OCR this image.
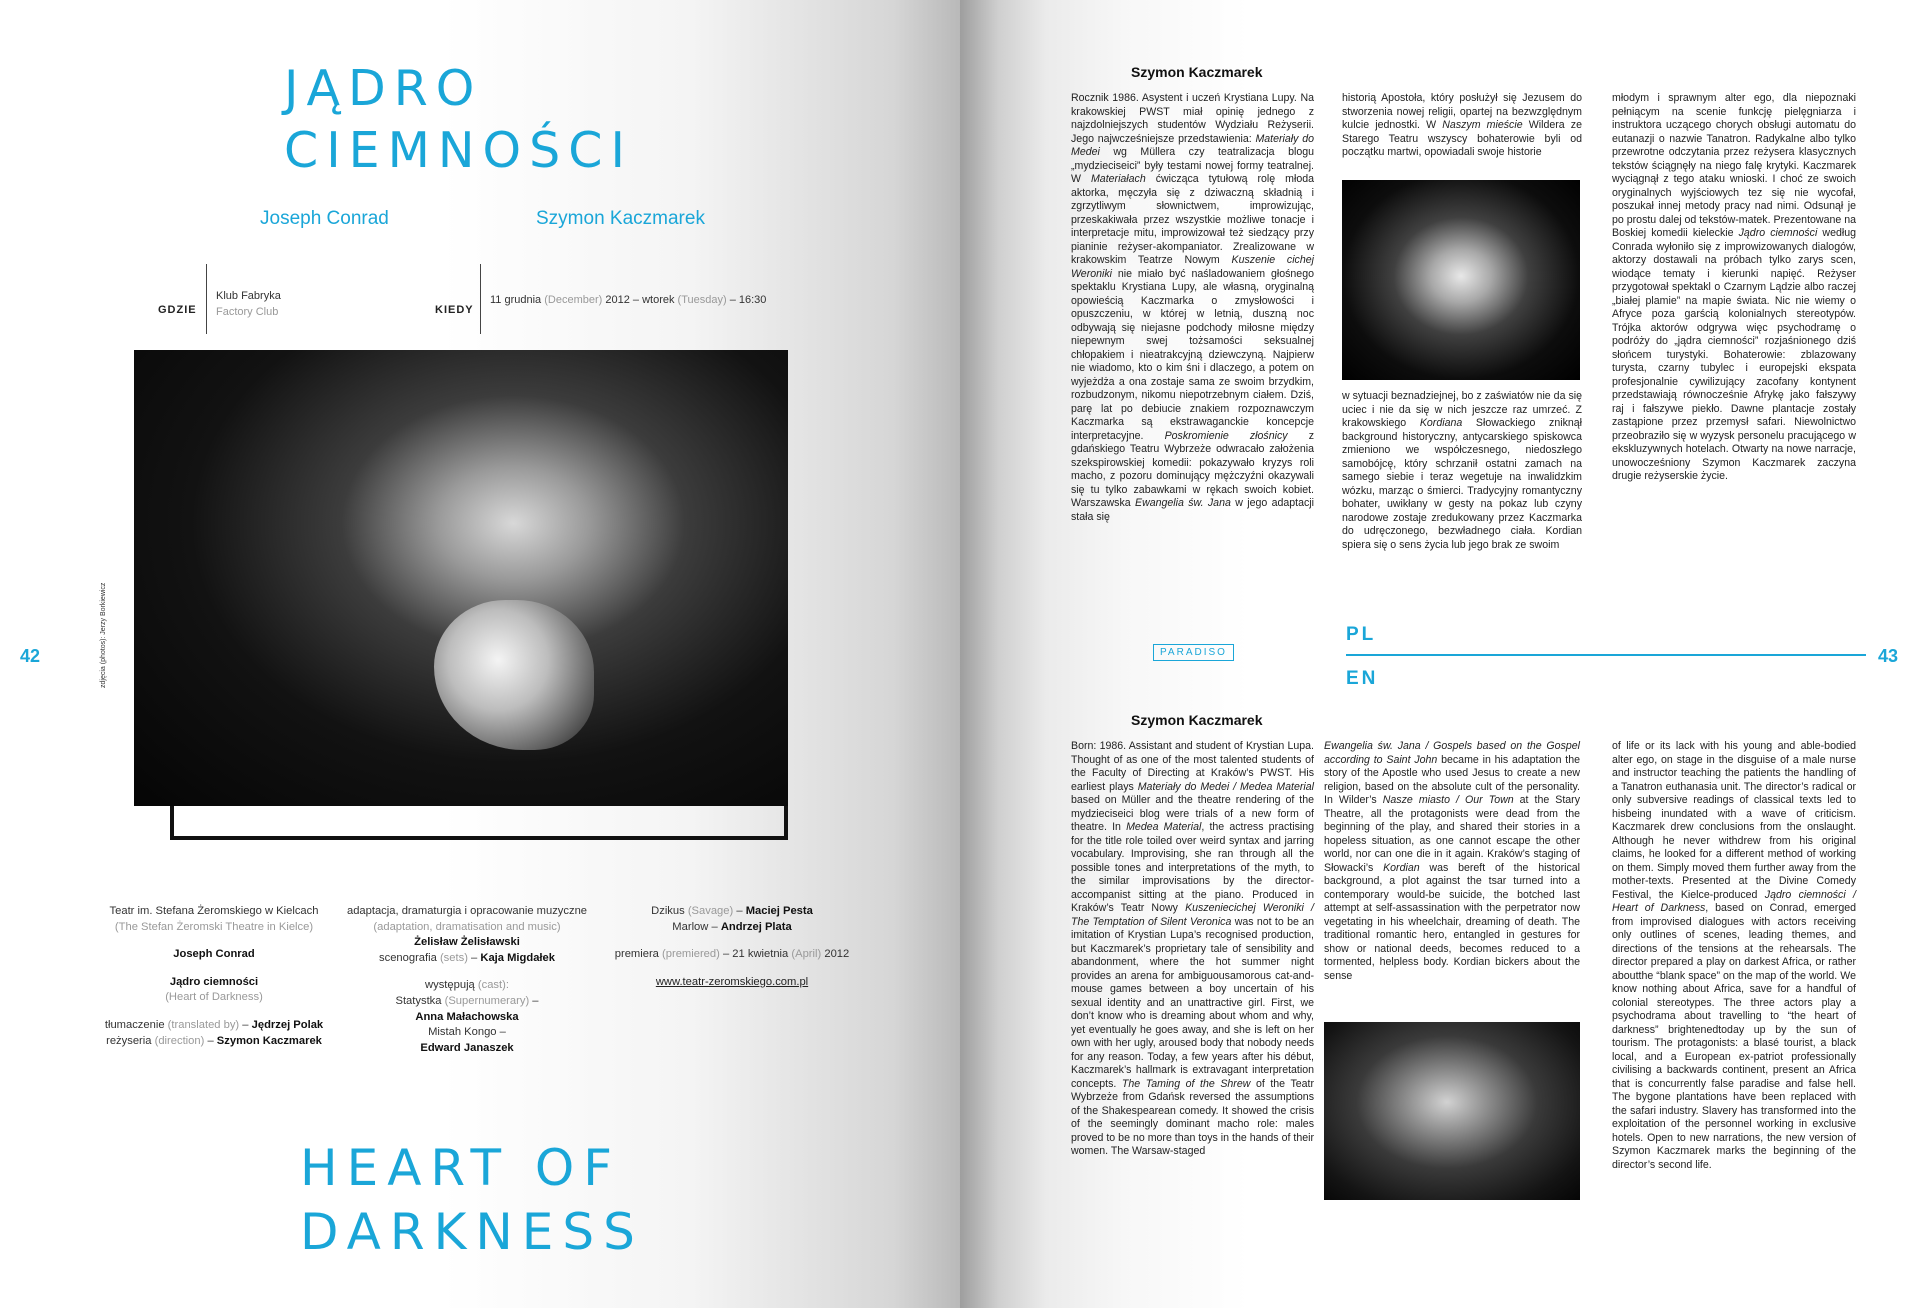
JĄDRO
CIEMNOŚCI
Joseph Conrad	Szymon Kaczmarek
GDZIE
Klub Fabryka
Factory Club	KIEDY
11 grudnia (December) 2012 – wtorek (Tuesday) – 16:30
zdjęcia (photos): Jerzy Borkiewicz
42
Teatr im. Stefana Żeromskiego w Kielcach
(The Stefan Żeromski Theatre in Kielce)
Joseph Conrad
Jądro ciemności
(Heart of Darkness)
tłumaczenie (translated by) – Jędrzej Polak
reżyseria (direction) – Szymon Kaczmarek
adaptacja, dramaturgia i opracowanie muzyczne
(adaptation, dramatisation and music)
Żelisław Żelisławski
scenografia (sets) – Kaja Migdałek
występują (cast):
Statystka (Supernumerary) –
Anna Małachowska
Mistah Kongo –
Edward Janaszek
Dzikus (Savage) – Maciej Pesta
Marlow – Andrzej Plata
premiera (premiered) – 21 kwietnia (April) 2012
www.teatr-zeromskiego.com.pl
HEART OF
DARKNESS
Szymon Kaczmarek

Rocznik 1986. Asystent i uczeń Krystiana Lupy. Na krakowskiej PWST miał opinię jednego z najzdolniejszych studentów Wydziału Reżyserii. Jego najwcześniejsze przedstawienia: Materiały do Medei wg Müllera czy teatralizacja blogu „mydzieciseici” były testami nowej formy teatralnej. W Materiałach ćwicząca tytułową rolę młoda aktorka, męczyła się z dziwaczną składnią i zgrzytliwym słownictwem, improwizując, przeskakiwała przez wszystkie możliwe tonacje i interpretacje mitu, improwizował też siedzący przy pianinie reżyser-akompaniator. Zrealizowane w krakowskim Teatrze Nowym Kuszenie cichej Weroniki nie miało być naśladowaniem głośnego spektaklu Krystiana Lupy, ale własną, oryginalną opowieścią Kaczmarka o zmysłowości i opuszczeniu, w której w letnią, duszną noc odbywają się niejasne podchody miłosne między niepewnym swej tożsamości seksualnej chłopakiem i nieatrakcyjną dziewczyną. Najpierw nie wiadomo, kto o kim śni i dlaczego, a potem on wyjeżdża a ona zostaje sama ze swoim brzydkim, rozbudzonym, nikomu niepotrzebnym ciałem. Dziś, parę lat po debiucie znakiem rozpoznawczym Kaczmarka są ekstrawaganckie koncepcje interpretacyjne. Poskromienie złośnicy z gdańskiego Teatru Wybrzeże odwracało założenia szekspirowskiej komedii: pokazywało kryzys roli macho, z pozoru dominujący mężczyźni okazywali się tu tylko zabawkami w rękach swoich kobiet. Warszawska Ewangelia św. Jana w jego adaptacji stała się

historią Apostoła, który posłużył się Jezusem do stworzenia nowej religii, opartej na bezwzględnym kulcie jednostki. W Naszym mieście Wildera ze Starego Teatru wszyscy bohaterowie byli od początku martwi, opowiadali swoje historie

w sytuacji beznadziejnej, bo z zaświatów nie da się uciec i nie da się w nich jeszcze raz umrzeć. Z krakowskiego Kordiana Słowackiego zniknął background historyczny, antycarskiego spiskowca zmieniono we współczesnego, niedoszłego samobójcę, który schrzanił ostatni zamach na samego siebie i teraz wegetuje na inwalidzkim wózku, marząc o śmierci. Tradycyjny romantyczny bohater, uwikłany w gesty na pokaz lub czyny narodowe zostaje zredukowany przez Kaczmarka do udręczonego, bezwładnego ciała. Kordian spiera się o sens życia lub jego brak ze swoim

młodym i sprawnym alter ego, dla niepoznaki pełniącym na scenie funkcję pielęgniarza i instruktora uczącego chorych obsługi automatu do eutanazji o nazwie Tanatron. Radykalne albo tylko przewrotne odczytania przez reżysera klasycznych tekstów ściągnęły na niego falę krytyki. Kaczmarek wyciągnął z tego ataku wnioski. I choć ze swoich oryginalnych wyjściowych tez się nie wycofał, poszukał innej metody pracy nad nimi. Odsunął je po prostu dalej od tekstów-matek. Prezentowane na Boskiej komedii kieleckie Jądro ciemności według Conrada wyłoniło się z improwizowanych dialogów, aktorzy dostawali na próbach tylko zarys scen, wiodące tematy i kierunki napięć. Reżyser przygotował spektakl o Czarnym Lądzie albo raczej „białej plamie” na mapie świata. Nic nie wiemy o Afryce poza garścią kolonialnych stereotypów. Trójka aktorów odgrywa więc psychodramę o podróży do „jądra ciemności” rozjaśnionego dziś słońcem turystyki. Bohaterowie: zblazowany turysta, czarny tubylec i europejski ekspata profesjonalnie cywilizujący zacofany kontynent przedstawiają równocześnie Afrykę jako fałszywy raj i fałszywe piekło. Dawne plantacje zostały zastąpione przez przemysł safari. Niewolnictwo przeobraziło się w wyzysk personelu pracującego w ekskluzywnych hotelach. Otwarty na nowe narracje, unowocześniony Szymon Kaczmarek zaczyna drugie reżyserskie życie.

PARADISO
PL
EN
43
Szymon Kaczmarek

Born: 1986. Assistant and student of Krystian Lupa. Thought of as one of the most talented students of the Faculty of Directing at Kraków’s PWST. His earliest plays Materiały do Medei / Medea Material based on Müller and the theatre rendering of the mydzieciseici blog were trials of a new form of theatre. In Medea Material, the actress practising for the title role toiled over weird syntax and jarring vocabulary. Improvising, she ran through all the possible tones and interpretations of the myth, to the similar improvisations by the director-accompanist sitting at the piano. Produced in Kraków’s Teatr Nowy Kuszeniecichej Weroniki / The Temptation of Silent Veronica was not to be an imitation of Krystian Lupa’s recognised production, but Kaczmarek’s proprietary tale of sensibility and abandonment, where the hot summer night provides an arena for ambiguousamorous cat-and-mouse games between a boy uncertain of his sexual identity and an unattractive girl. First, we don’t know who is dreaming about whom and why, yet eventually he goes away, and she is left on her own with her ugly, aroused body that nobody needs for any reason. Today, a few years after his début, Kaczmarek’s hallmark is extravagant interpretation concepts. The Taming of the Shrew of the Teatr Wybrzeże from Gdańsk reversed the assumptions of the Shakespearean comedy. It showed the crisis of the seemingly dominant macho role: males proved to be no more than toys in the hands of their women. The Warsaw-staged

Ewangelia św. Jana / Gospels based on the Gospel according to Saint John became in his adaptation the story of the Apostle who used Jesus to create a new religion, based on the absolute cult of the personality. In Wilder’s Nasze miasto / Our Town at the Stary Theatre, all the protagonists were dead from the beginning of the play, and shared their stories in a hopeless situation, as one cannot escape the other world, nor can one die in it again. Kraków’s staging of Słowacki’s Kordian was bereft of the historical background, a plot against the tsar turned into a contemporary would-be suicide, the botched last attempt at self-assassination with the perpetrator now vegetating in his wheelchair, dreaming of death. The traditional romantic hero, entangled in gestures for show or national deeds, becomes reduced to a tormented, helpless body. Kordian bickers about the sense

of life or its lack with his young and able-bodied alter ego, on stage in the disguise of a male nurse and instructor teaching the patients the handling of a Tanatron euthanasia unit. The director’s radical or only subversive readings of classical texts led to hisbeing inundated with a wave of criticism. Kaczmarek drew conclusions from the onslaught. Although he never withdrew from his original claims, he looked for a different method of working on them. Simply moved them further away from the mother-texts. Presented at the Divine Comedy Festival, the Kielce-produced Jądro ciemności / Heart of Darkness, based on Conrad, emerged from improvised dialogues with actors receiving only outlines of scenes, leading themes, and directions of the tensions at the rehearsals. The director prepared a play on darkest Africa, or rather aboutthe “blank space” on the map of the world. We know nothing about Africa, save for a handful of colonial stereotypes. The three actors play a psychodrama about travelling to “the heart of darkness” brightenedtoday up by the sun of tourism. The protagonists: a blasé tourist, a black local, and a European ex-patriot professionally civilising a backwards continent, present an Africa that is concurrently false paradise and false hell. The bygone plantations have been replaced with the safari industry. Slavery has transformed into the exploitation of the personnel working in exclusive hotels. Open to new narrations, the new version of Szymon Kaczmarek marks the beginning of the director’s second life.
